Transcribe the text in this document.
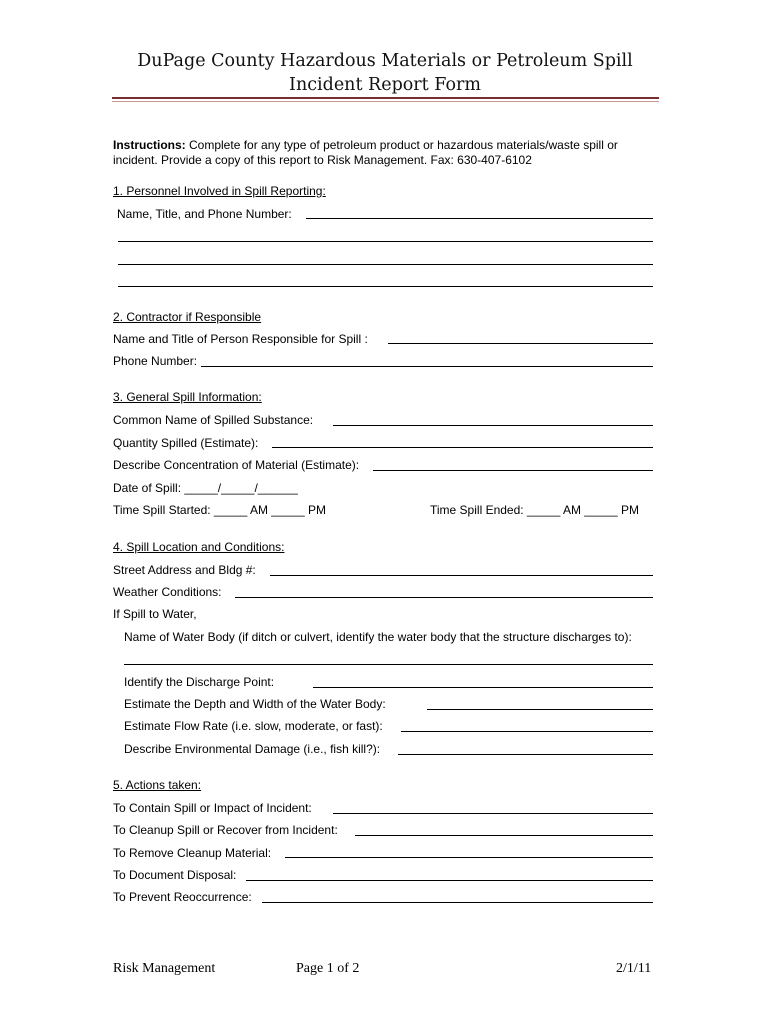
DuPage County Hazardous Materials or Petroleum Spill
Incident Report Form
Instructions: Complete for any type of petroleum product or hazardous materials/waste spill or
incident. Provide a copy of this report to Risk Management. Fax: 630-407-6102
1. Personnel Involved in Spill Reporting:
Name, Title, and Phone Number:
2. Contractor if Responsible
Name and Title of Person Responsible for Spill :
Phone Number:
3. General Spill Information:
Common Name of Spilled Substance:
Quantity Spilled (Estimate):
Describe Concentration of Material (Estimate):
Date of Spill: _____/_____/______
Time Spill Started: _____ AM _____ PM	Time Spill Ended: _____ AM _____ PM
4. Spill Location and Conditions:
Street Address and Bldg #:
Weather Conditions:
If Spill to Water,
Name of Water Body (if ditch or culvert, identify the water body that the structure discharges to):
Identify the Discharge Point:
Estimate the Depth and Width of the Water Body:
Estimate Flow Rate (i.e. slow, moderate, or fast):
Describe Environmental Damage (i.e., fish kill?):
5. Actions taken:
To Contain Spill or Impact of Incident:
To Cleanup Spill or Recover from Incident:
To Remove Cleanup Material:
To Document Disposal:
To Prevent Reoccurrence:
Risk Management	Page 1 of 2	2/1/11
